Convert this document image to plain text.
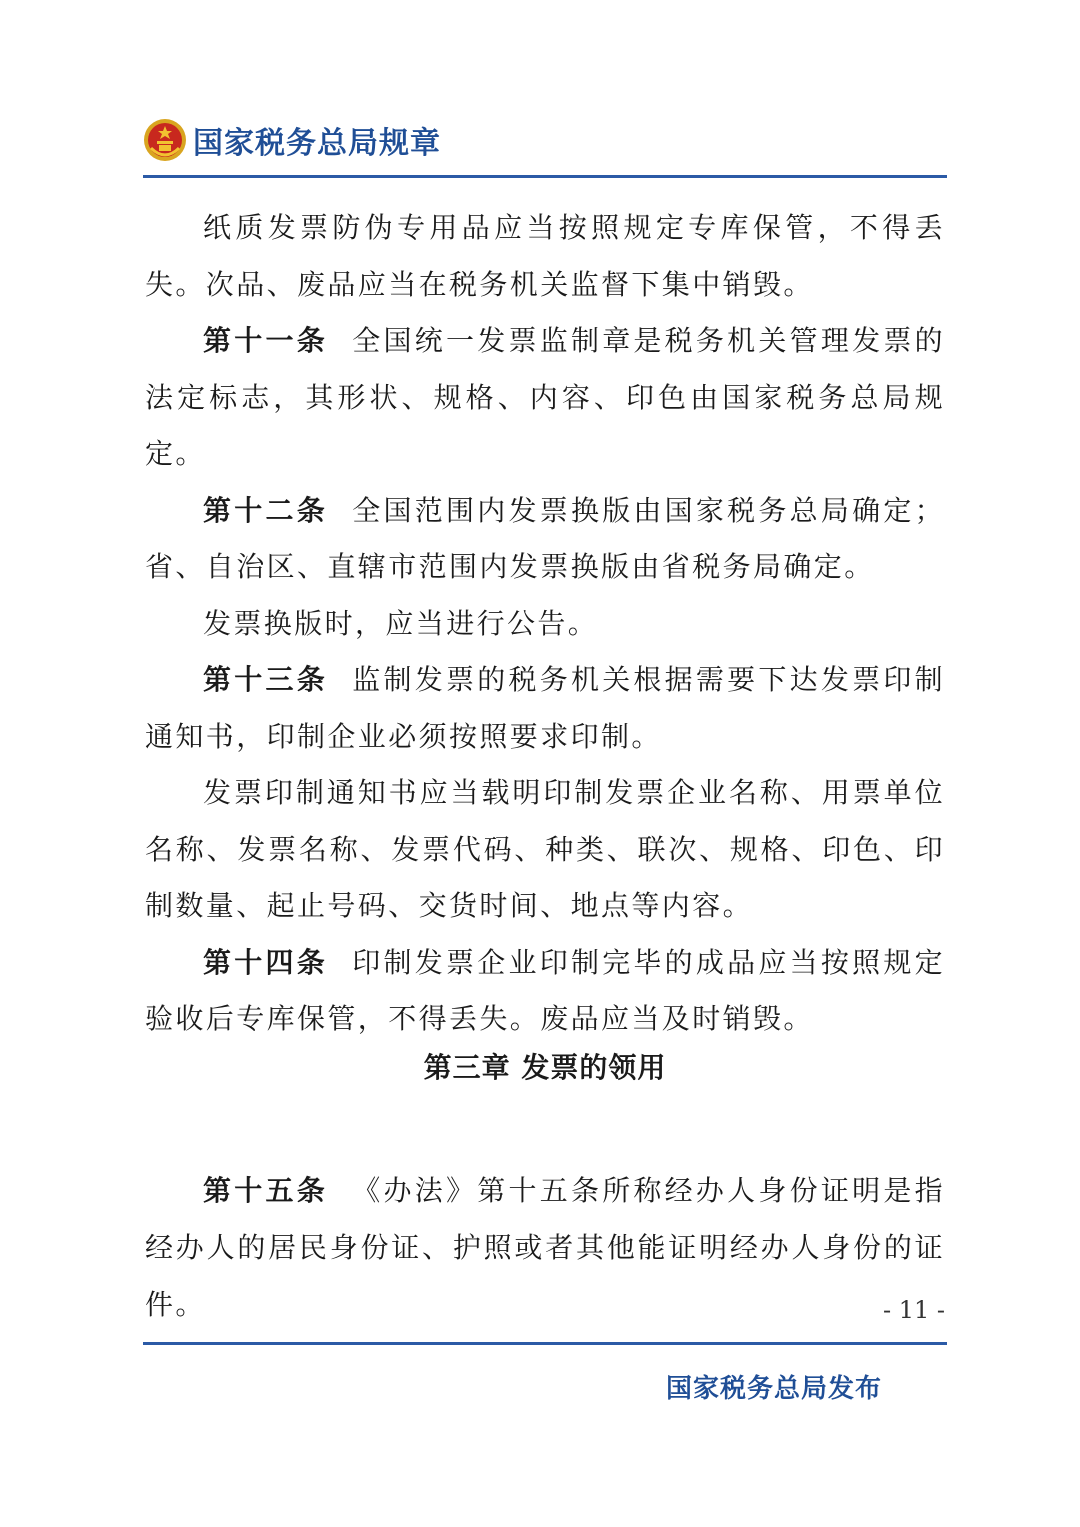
国家税务总局规章

纸质发票防伪专用品应当按照规定专库保管，不得丢失。次品、废品应当在税务机关监督下集中销毁。

第十一条 全国统一发票监制章是税务机关管理发票的法定标志，其形状、规格、内容、印色由国家税务总局规定。

第十二条 全国范围内发票换版由国家税务总局确定；省、自治区、直辖市范围内发票换版由省税务局确定。

发票换版时，应当进行公告。

第十三条 监制发票的税务机关根据需要下达发票印制通知书，印制企业必须按照要求印制。

发票印制通知书应当载明印制发票企业名称、用票单位名称、发票名称、发票代码、种类、联次、规格、印色、印制数量、起止号码、交货时间、地点等内容。

第十四条 印制发票企业印制完毕的成品应当按照规定验收后专库保管，不得丢失。废品应当及时销毁。

第三章 发票的领用

第十五条 《办法》第十五条所称经办人身份证明是指经办人的居民身份证、护照或者其他能证明经办人身份的证件。	- 11 -
国家税务总局发布
